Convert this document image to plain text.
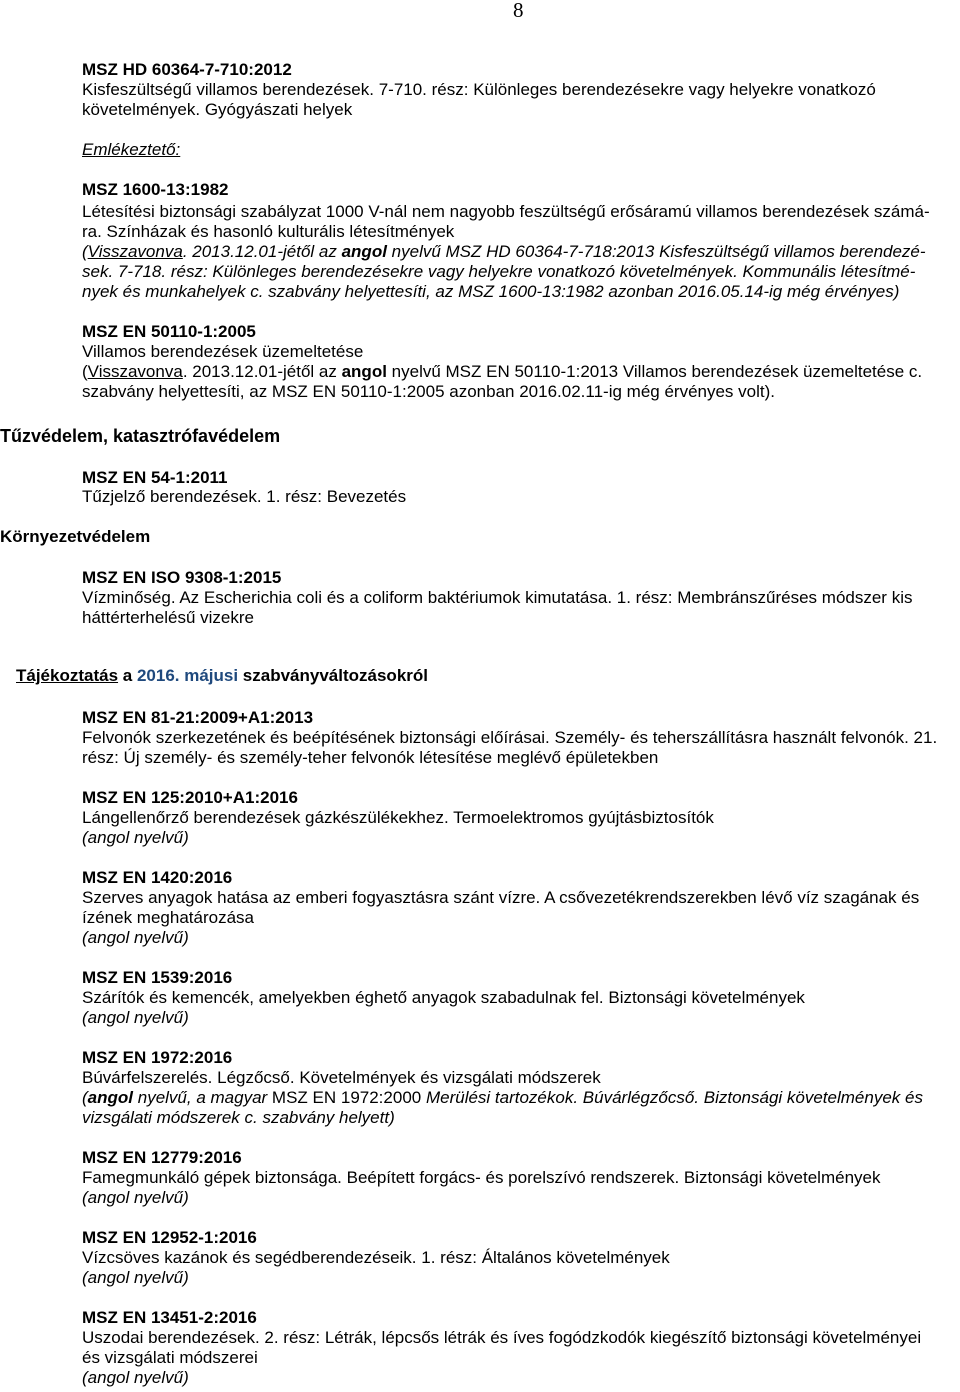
8
MSZ HD 60364-7-710:2012
Kisfeszültségű villamos berendezések. 7-710. rész: Különleges berendezésekre vagy helyekre vonatkozó
követelmények. Gyógyászati helyek
Emlékeztető:
MSZ 1600-13:1982
Létesítési biztonsági szabályzat 1000 V-nál nem nagyobb feszültségű erősáramú villamos berendezések számá-
ra. Színházak és hasonló kulturális létesítmények
(Visszavonva. 2013.12.01-jétől az angol nyelvű MSZ HD 60364-7-718:2013 Kisfeszültségű villamos berendezé-
sek. 7-718. rész: Különleges berendezésekre vagy helyekre vonatkozó követelmények. Kommunális létesítmé-
nyek és munkahelyek c. szabvány helyettesíti, az MSZ 1600-13:1982 azonban 2016.05.14-ig még érvényes)
MSZ EN 50110-1:2005
Villamos berendezések üzemeltetése
(Visszavonva. 2013.12.01-jétől az angol nyelvű MSZ EN 50110-1:2013 Villamos berendezések üzemeltetése c.
szabvány helyettesíti, az MSZ EN 50110-1:2005 azonban 2016.02.11-ig még érvényes volt).
Tűzvédelem, katasztrófavédelem
MSZ EN 54-1:2011
Tűzjelző berendezések. 1. rész: Bevezetés
Környezetvédelem
MSZ EN ISO 9308-1:2015
Vízminőség. Az Escherichia coli és a coliform baktériumok kimutatása. 1. rész: Membránszűréses módszer kis
háttérterhelésű vizekre
Tájékoztatás a 2016. májusi szabványváltozásokról
MSZ EN 81-21:2009+A1:2013
Felvonók szerkezetének és beépítésének biztonsági előírásai. Személy- és teherszállításra használt felvonók. 21.
rész: Új személy- és személy-teher felvonók létesítése meglévő épületekben
MSZ EN 125:2010+A1:2016
Lángellenőrző berendezések gázkészülékekhez. Termoelektromos gyújtásbiztosítók
(angol nyelvű)
MSZ EN 1420:2016
Szerves anyagok hatása az emberi fogyasztásra szánt vízre. A csővezetékrendszerekben lévő víz szagának és
ízének meghatározása
(angol nyelvű)
MSZ EN 1539:2016
Szárítók és kemencék, amelyekben éghető anyagok szabadulnak fel. Biztonsági követelmények
(angol nyelvű)
MSZ EN 1972:2016
Búvárfelszerelés. Légzőcső. Követelmények és vizsgálati módszerek
(angol nyelvű, a magyar MSZ EN 1972:2000 Merülési tartozékok. Búvárlégzőcső. Biztonsági követelmények és
vizsgálati módszerek c. szabvány helyett)
MSZ EN 12779:2016
Famegmunkáló gépek biztonsága. Beépített forgács- és porelszívó rendszerek. Biztonsági követelmények
(angol nyelvű)
MSZ EN 12952-1:2016
Vízcsöves kazánok és segédberendezéseik. 1. rész: Általános követelmények
(angol nyelvű)
MSZ EN 13451-2:2016
Uszodai berendezések. 2. rész: Létrák, lépcsős létrák és íves fogódzkodók kiegészítő biztonsági követelményei
és vizsgálati módszerei
(angol nyelvű)
